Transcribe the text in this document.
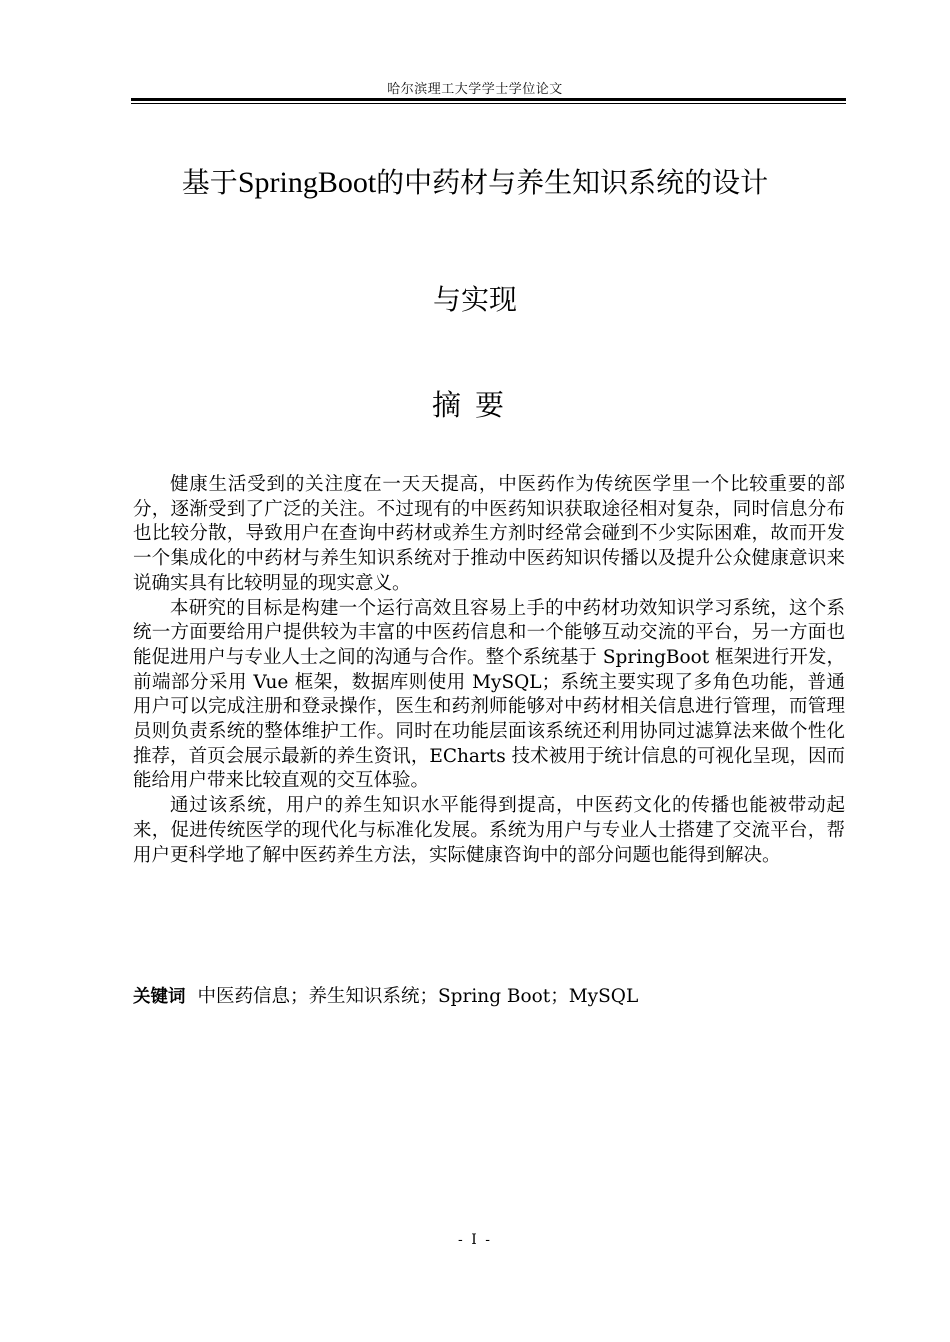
哈尔滨理工大学学士学位论文
基于SpringBoot的中药材与养生知识系统的设计
与实现
摘要

健康生活受到的关注度在一天天提高，中医药作为传统医学里一个比较重要的部分，逐渐受到了广泛的关注。不过现有的中医药知识获取途径相对复杂，同时信息分布也比较分散，导致用户在查询中药材或养生方剂时经常会碰到不少实际困难，故而开发一个集成化的中药材与养生知识系统对于推动中医药知识传播以及提升公众健康意识来说确实具有比较明显的现实意义。

本研究的目标是构建一个运行高效且容易上手的中药材功效知识学习系统，这个系统一方面要给用户提供较为丰富的中医药信息和一个能够互动交流的平台，另一方面也能促进用户与专业人士之间的沟通与合作。整个系统基于 SpringBoot 框架进行开发，前端部分采用 Vue 框架，数据库则使用 MySQL；系统主要实现了多角色功能，普通用户可以完成注册和登录操作，医生和药剂师能够对中药材相关信息进行管理，而管理员则负责系统的整体维护工作。同时在功能层面该系统还利用协同过滤算法来做个性化推荐，首页会展示最新的养生资讯，ECharts 技术被用于统计信息的可视化呈现，因而能给用户带来比较直观的交互体验。

通过该系统，用户的养生知识水平能得到提高，中医药文化的传播也能被带动起来，促进传统医学的现代化与标准化发展。系统为用户与专业人士搭建了交流平台，帮用户更科学地了解中医药养生方法，实际健康咨询中的部分问题也能得到解决。

关键词 中医药信息；养生知识系统；Spring Boot；MySQL
- I -
